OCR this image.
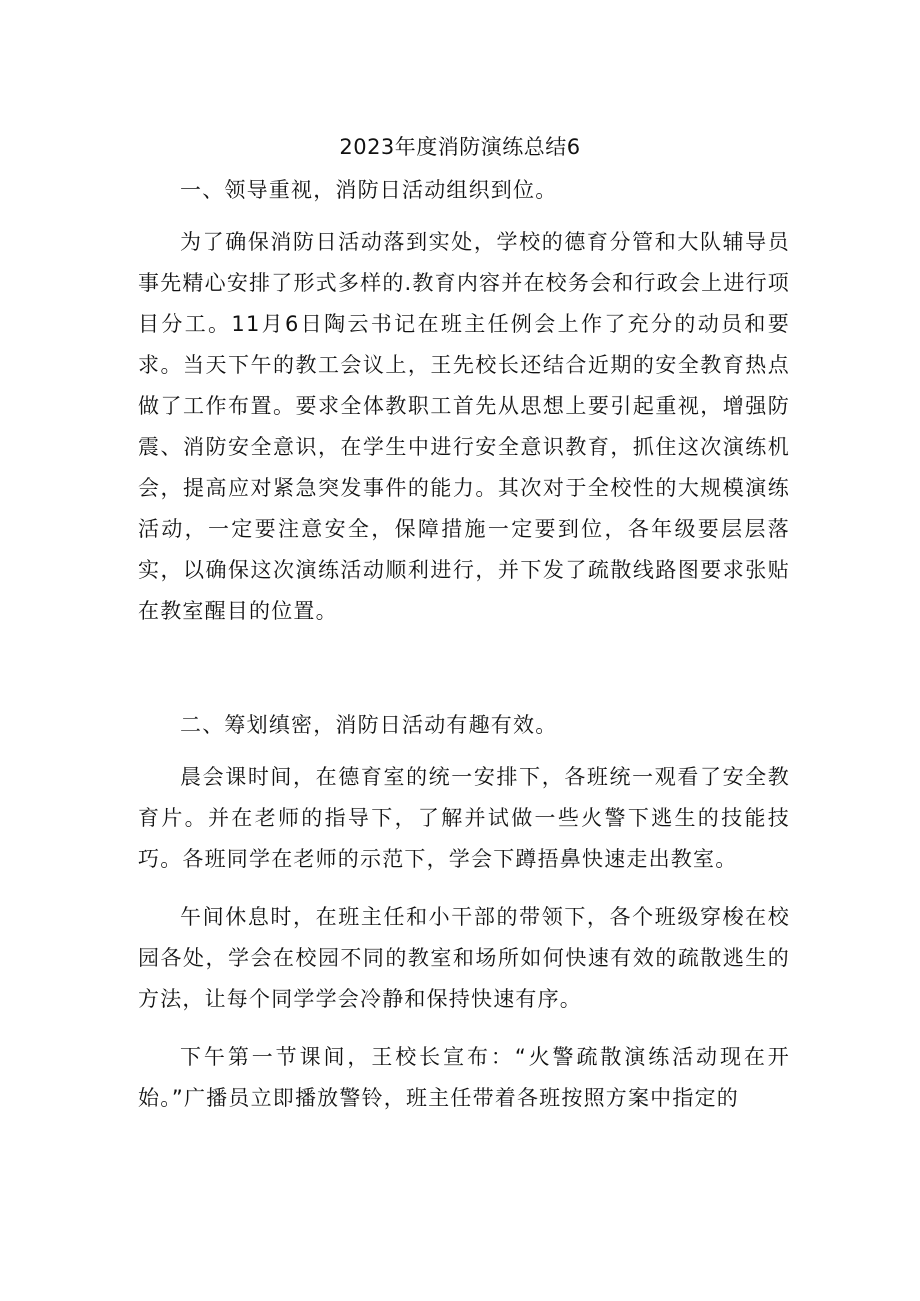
2023年度消防演练总结6

一、领导重视，消防日活动组织到位。

为了确保消防日活动落到实处，学校的德育分管和大队辅导员事先精心安排了形式多样的.教育内容并在校务会和行政会上进行项目分工。11月6日陶云书记在班主任例会上作了充分的动员和要求。当天下午的教工会议上，王先校长还结合近期的安全教育热点做了工作布置。要求全体教职工首先从思想上要引起重视，增强防震、消防安全意识，在学生中进行安全意识教育，抓住这次演练机会，提高应对紧急突发事件的能力。其次对于全校性的大规模演练活动，一定要注意安全，保障措施一定要到位，各年级要层层落实，以确保这次演练活动顺利进行，并下发了疏散线路图要求张贴在教室醒目的位置。

二、筹划缜密，消防日活动有趣有效。

晨会课时间，在德育室的统一安排下，各班统一观看了安全教育片。并在老师的指导下，了解并试做一些火警下逃生的技能技巧。各班同学在老师的示范下，学会下蹲捂鼻快速走出教室。

午间休息时，在班主任和小干部的带领下，各个班级穿梭在校园各处，学会在校园不同的教室和场所如何快速有效的疏散逃生的方法，让每个同学学会冷静和保持快速有序。

下午第一节课间，王校长宣布：“火警疏散演练活动现在开始。”广播员立即播放警铃，班主任带着各班按照方案中指定的
